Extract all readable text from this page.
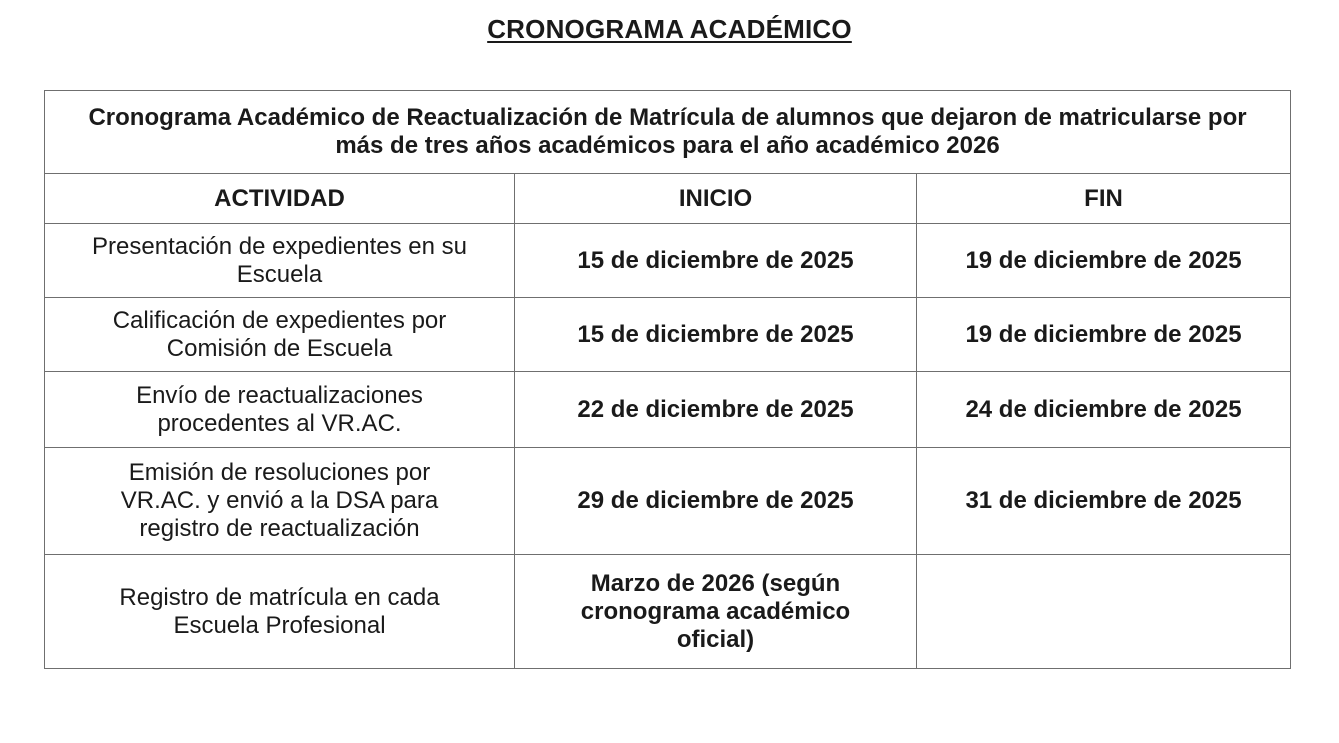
CRONOGRAMA ACADÉMICO
Cronograma Académico de Reactualización de Matrícula de alumnos que dejaron de matricularse por más de tres años académicos para el año académico 2026		
ACTIVIDAD	INICIO	FIN
Presentación de expedientes en su Escuela	15 de diciembre de 2025	19 de diciembre de 2025
Calificación de expedientes por Comisión de Escuela	15 de diciembre de 2025	19 de diciembre de 2025
Envío de reactualizaciones procedentes al VR.AC.	22 de diciembre de 2025	24 de diciembre de 2025
Emisión de resoluciones por VR.AC. y envió a la DSA para registro de reactualización	29 de diciembre de 2025	31 de diciembre de 2025
Registro de matrícula en cada Escuela Profesional	Marzo de 2026 (según cronograma académico oficial)	
